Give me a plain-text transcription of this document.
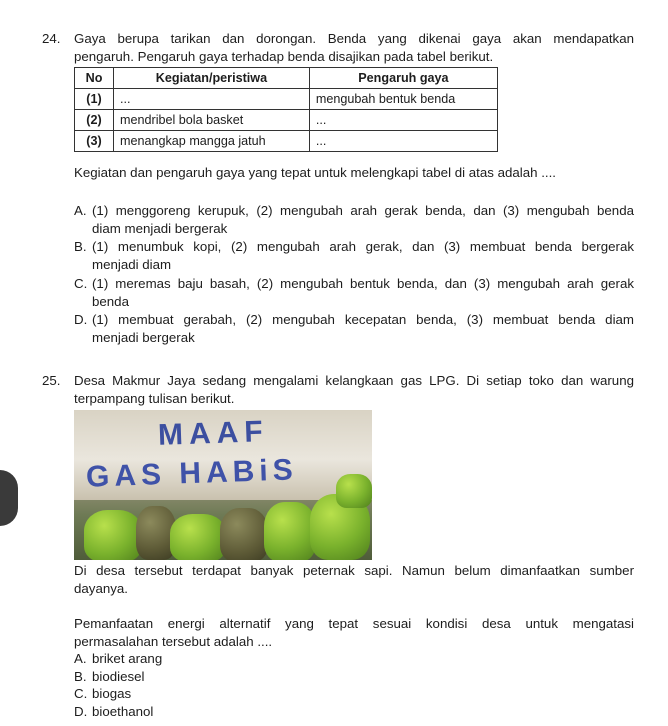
24. Gaya berupa tarikan dan dorongan. Benda yang dikenai gaya akan mendapatkan

pengaruh. Pengaruh gaya terhadap benda disajikan pada tabel berikut.

No	Kegiatan/peristiwa	Pengaruh gaya
(1)	...	mengubah bentuk benda
(2)	mendribel bola basket	...
(3)	menangkap mangga jatuh	...

Kegiatan dan pengaruh gaya yang tepat untuk melengkapi tabel di atas adalah ....

A. (1) menggoreng kerupuk, (2) mengubah arah gerak benda, dan (3) mengubah benda
diam menjadi bergerak
B. (1) menumbuk kopi, (2) mengubah arah gerak, dan (3) membuat benda bergerak
menjadi diam
C. (1) meremas baju basah, (2) mengubah bentuk benda, dan (3) mengubah arah gerak
benda
D. (1) membuat gerabah, (2) mengubah kecepatan benda, (3) membuat benda diam
menjadi bergerak
25. Desa Makmur Jaya sedang mengalami kelangkaan gas LPG. Di setiap toko dan warung

terpampang tulisan berikut.

MAAF
GAS HABiS

Di desa tersebut terdapat banyak peternak sapi. Namun belum dimanfaatkan sumber

dayanya.

Pemanfaatan energi alternatif yang tepat sesuai kondisi desa untuk mengatasi

permasalahan tersebut adalah ....

A. briket arang
B. biodiesel
C. biogas
D. bioethanol
